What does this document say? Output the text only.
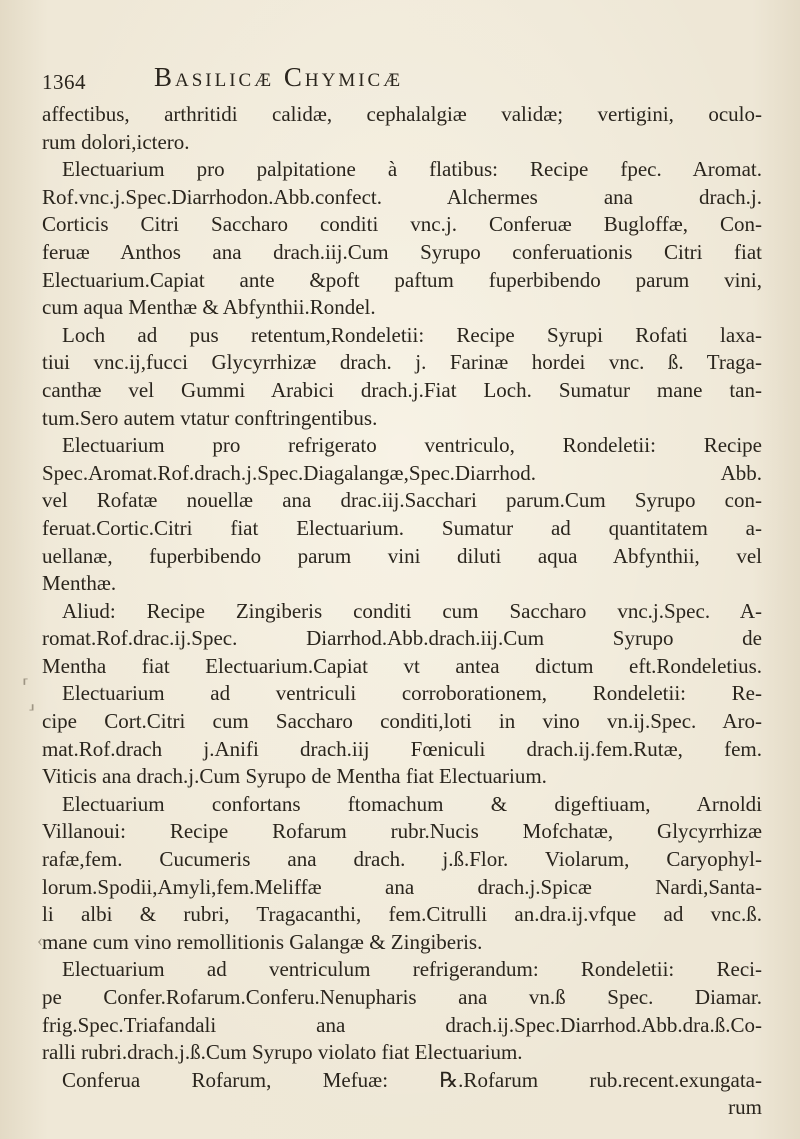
1364	Basilicæ Chymicæ
affectibus, arthritidi calidæ, cephalalgiæ validæ; vertigini, oculo-
rum dolori,ictero.
Electuarium pro palpitatione à flatibus: Recipe fpec. Aromat.
Rof.vnc.j.Spec.Diarrhodon.Abb.confect. Alchermes ana drach.j.
Corticis Citri Saccharo conditi vnc.j. Conferuæ Bugloffæ, Con-
feruæ Anthos ana drach.iij.Cum Syrupo conferuationis Citri fiat
Electuarium.Capiat ante &poft paftum fuperbibendo parum vini,
cum aqua Menthæ & Abfynthii.Rondel.
Loch ad pus retentum,Rondeletii: Recipe Syrupi Rofati laxa-
tiui vnc.ij,fucci Glycyrrhizæ drach. j. Farinæ hordei vnc. ß. Traga-
canthæ vel Gummi Arabici drach.j.Fiat Loch. Sumatur mane tan-
tum.Sero autem vtatur conftringentibus.
Electuarium pro refrigerato ventriculo, Rondeletii: Recipe
Spec.Aromat.Rof.drach.j.Spec.Diagalangæ,Spec.Diarrhod. Abb.
vel Rofatæ nouellæ ana drac.iij.Sacchari parum.Cum Syrupo con-
feruat.Cortic.Citri fiat Electuarium. Sumatur ad quantitatem a-
uellanæ, fuperbibendo parum vini diluti aqua Abfynthii, vel
Menthæ.
Aliud: Recipe Zingiberis conditi cum Saccharo vnc.j.Spec. A-
romat.Rof.drac.ij.Spec. Diarrhod.Abb.drach.iij.Cum Syrupo de
Mentha fiat Electuarium.Capiat vt antea dictum eft.Rondeletius.
Electuarium ad ventriculi corroborationem, Rondeletii: Re-
cipe Cort.Citri cum Saccharo conditi,loti in vino vn.ij.Spec. Aro-
mat.Rof.drach j.Anifi drach.iij Fœniculi drach.ij.fem.Rutæ, fem.
Viticis ana drach.j.Cum Syrupo de Mentha fiat Electuarium.
Electuarium confortans ftomachum & digeftiuam, Arnoldi
Villanoui: Recipe Rofarum rubr.Nucis Mofchatæ, Glycyrrhizæ
rafæ,fem. Cucumeris ana drach. j.ß.Flor. Violarum, Caryophyl-
lorum.Spodii,Amyli,fem.Meliffæ ana drach.j.Spicæ Nardi,Santa-
li albi & rubri, Tragacanthi, fem.Citrulli an.dra.ij.vfque ad vnc.ß.
mane cum vino remollitionis Galangæ & Zingiberis.
Electuarium ad ventriculum refrigerandum: Rondeletii: Reci-
pe Confer.Rofarum.Conferu.Nenupharis ana vn.ß Spec. Diamar.
frig.Spec.Triafandali ana drach.ij.Spec.Diarrhod.Abb.dra.ß.Co-
ralli rubri.drach.j.ß.Cum Syrupo violato fiat Electuarium.
Conferua Rofarum, Mefuæ: ℞.Rofarum rub.recent.exungata-
rum
⸢
⸥
‹
